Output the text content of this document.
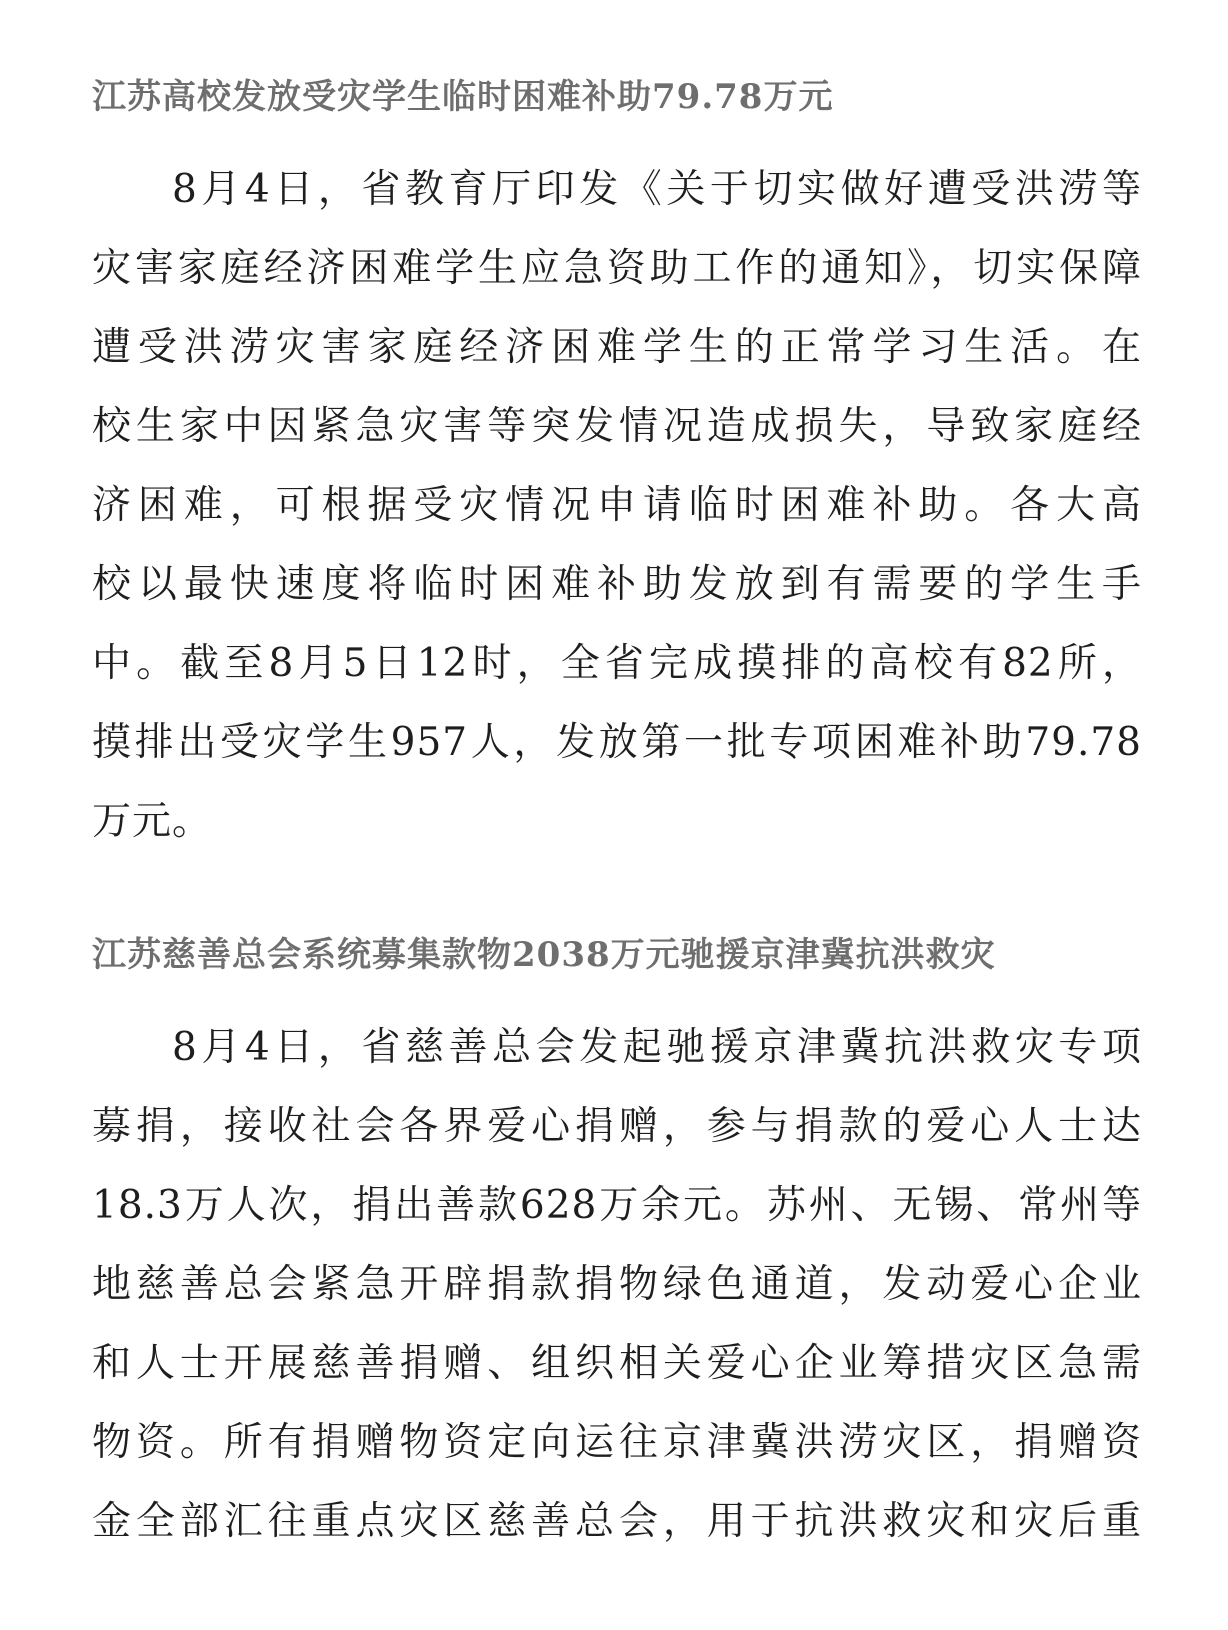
江苏高校发放受灾学生临时困难补助79.78万元

8月4日，省教育厅印发《关于切实做好遭受洪涝等
灾害家庭经济困难学生应急资助工作的通知》，切实保障
遭受洪涝灾害家庭经济困难学生的正常学习生活。在
校生家中因紧急灾害等突发情况造成损失，导致家庭经
济困难，可根据受灾情况申请临时困难补助。各大高
校以最快速度将临时困难补助发放到有需要的学生手
中。截至8月5日12时，全省完成摸排的高校有82所，
摸排出受灾学生957人，发放第一批专项困难补助79.78
万元。

江苏慈善总会系统募集款物2038万元驰援京津冀抗洪救灾

8月4日，省慈善总会发起驰援京津冀抗洪救灾专项
募捐，接收社会各界爱心捐赠，参与捐款的爱心人士达
18.3万人次，捐出善款628万余元。苏州、无锡、常州等
地慈善总会紧急开辟捐款捐物绿色通道，发动爱心企业
和人士开展慈善捐赠、组织相关爱心企业筹措灾区急需
物资。所有捐赠物资定向运往京津冀洪涝灾区，捐赠资
金全部汇往重点灾区慈善总会，用于抗洪救灾和灾后重
